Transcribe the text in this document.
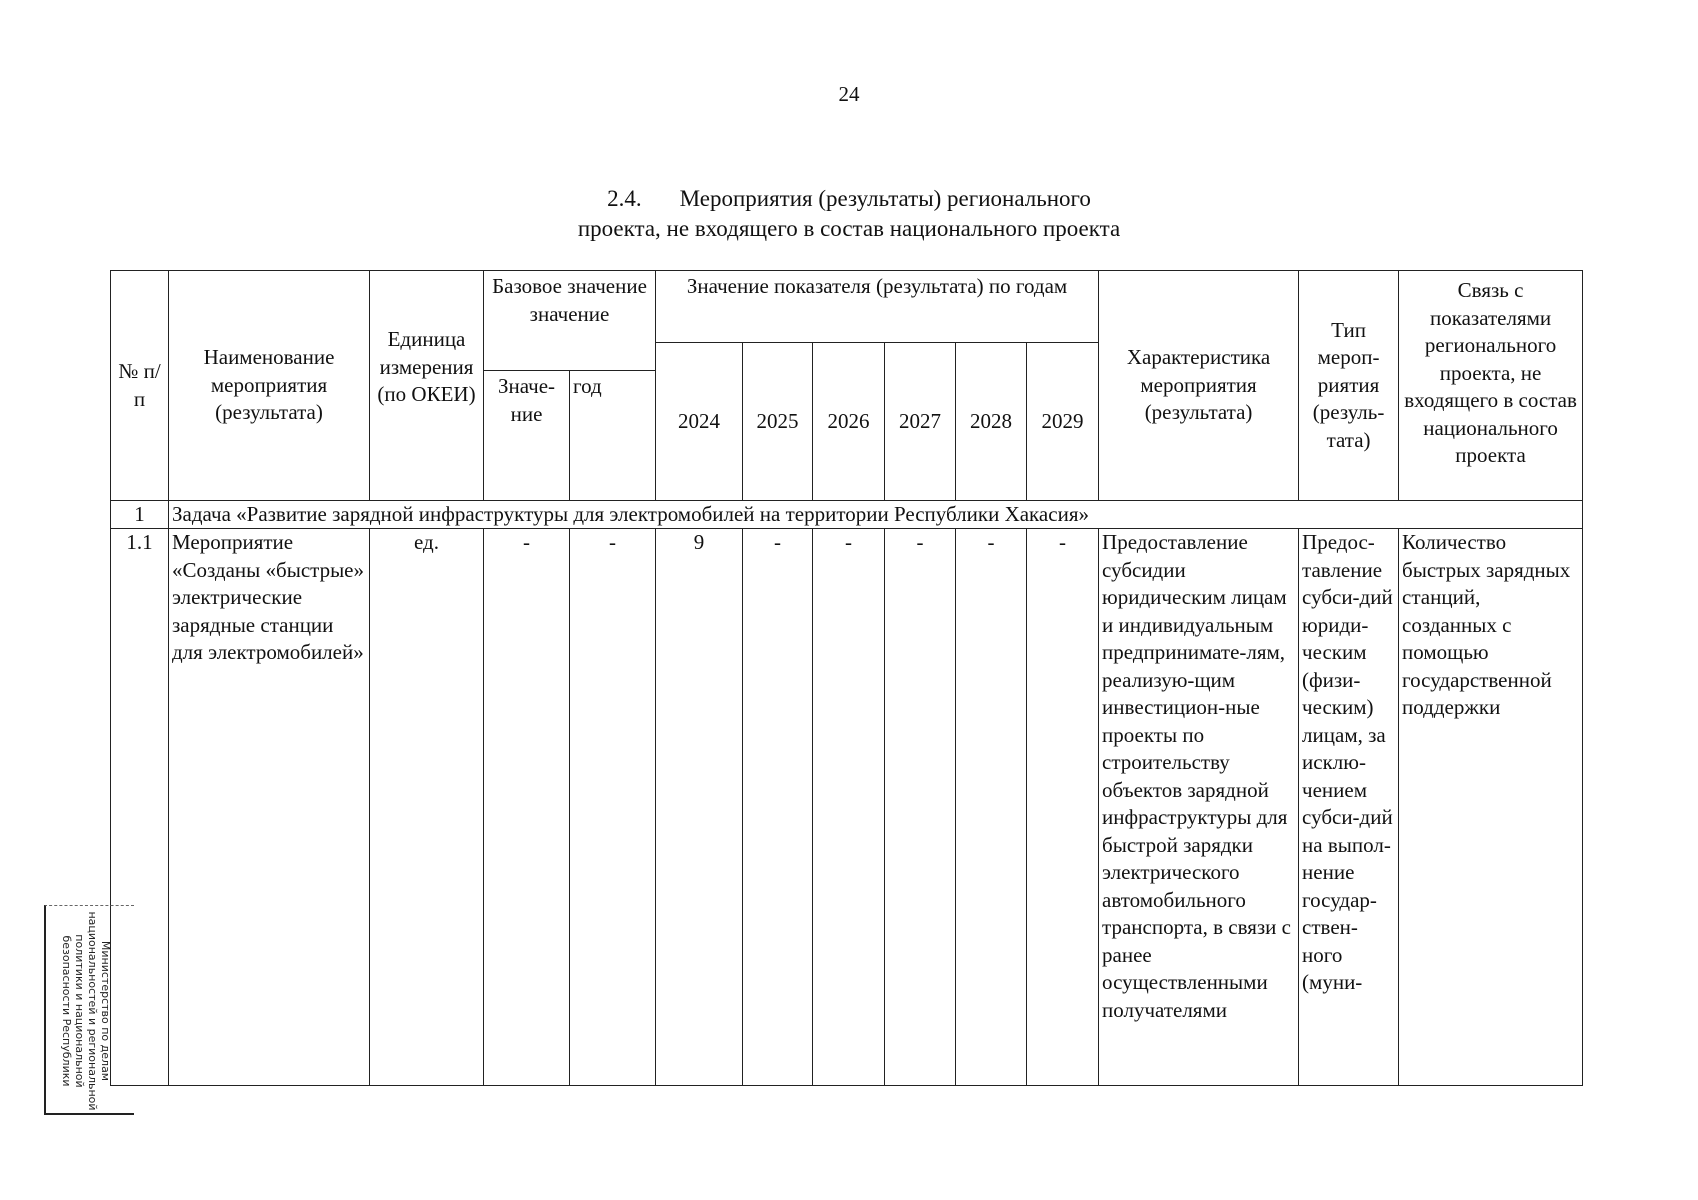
24
2.4. Мероприятия (результаты) регионального
проекта, не входящего в состав национального проекта
№ п/п	Наименование мероприятия (результата)	Единица измерения (по ОКЕИ)	Базовое значение значение		Значение показателя (результата) по годам						Характеристика мероприятия (результата)	Тип мероп-риятия (резуль-тата)	Связь с показателями регионального проекта, не входящего в состав национального проекта
					2024	2025	2026	2027	2028	2029			
			Значе-ние	год									
1	Задача «Развитие зарядной инфраструктуры для электромобилей на территории Республики Хакасия»												
1.1	Мероприятие «Созданы «быстрые» электрические зарядные станции для электромобилей»	ед.	-	-	9	-	-	-	-	-	Предоставление субсидии юридическим лицам и индивидуальным предпринимате-лям, реализую-щим инвестицион-ные проекты по строительству объектов зарядной инфраструктуры для быстрой зарядки электрического автомобильного транспорта, в связи с ранее осуществленными получателями	Предос-тавление субси-дий юриди-ческим (физи-ческим) лицам, за исклю-чением субси-дий на выпол-нение государ-ствен-ного (муни-	Количество быстрых зарядных станций, созданных с помощью государственной поддержки
Министерство по делам
национальностей и региональной
политики и национальной
безопасности Республики
